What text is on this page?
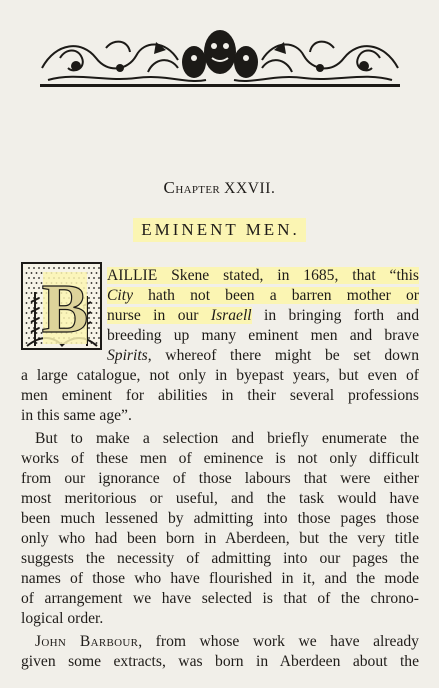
Chapter XXVII.
EMINENT MEN.
B AILLIE Skene stated, in 1685, that “this
City hath not been a barren mother or
nurse in our Israell in bringing forth and
breeding up many eminent men and brave
Spirits, whereof there might be set down
a large catalogue, not only in byepast years, but even of
men eminent for abilities in their several professions
in this same age”.
But to make a selection and briefly enumerate the
works of these men of eminence is not only difficult
from our ignorance of those labours that were either
most meritorious or useful, and the task would have
been much lessened by admitting into those pages those
only who had been born in Aberdeen, but the very title
suggests the necessity of admitting into our pages the
names of those who have flourished in it, and the mode
of arrangement we have selected is that of the chrono-
logical order.
John Barbour, from whose work we have already
given some extracts, was born in Aberdeen about the
